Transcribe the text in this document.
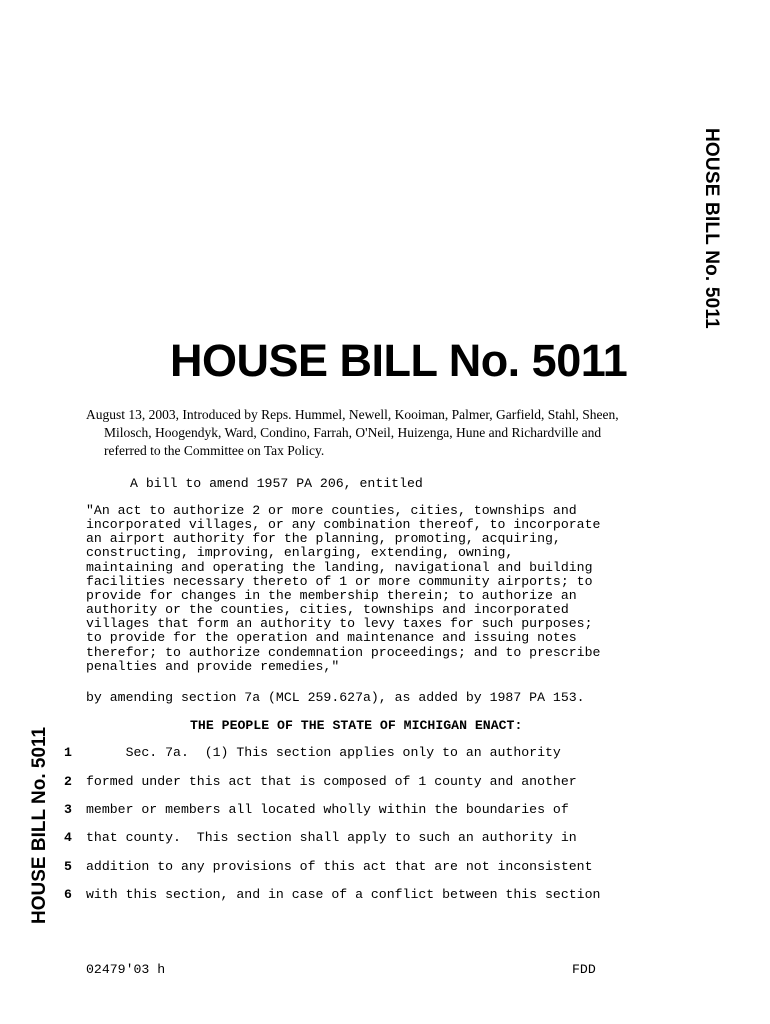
HOUSE BILL No. 5011
HOUSE BILL No. 5011
HOUSE BILL No. 5011
August 13, 2003, Introduced by Reps. Hummel, Newell, Kooiman, Palmer, Garfield, Stahl, Sheen, Milosch, Hoogendyk, Ward, Condino, Farrah, O'Neil, Huizenga, Hune and Richardville and referred to the Committee on Tax Policy.
A bill to amend 1957 PA 206, entitled
"An act to authorize 2 or more counties, cities, townships and
incorporated villages, or any combination thereof, to incorporate
an airport authority for the planning, promoting, acquiring,
constructing, improving, enlarging, extending, owning,
maintaining and operating the landing, navigational and building
facilities necessary thereto of 1 or more community airports; to
provide for changes in the membership therein; to authorize an
authority or the counties, cities, townships and incorporated
villages that form an authority to levy taxes for such purposes;
to provide for the operation and maintenance and issuing notes
therefor; to authorize condemnation proceedings; and to prescribe
penalties and provide remedies,"
by amending section 7a (MCL 259.627a), as added by 1987 PA 153.
THE PEOPLE OF THE STATE OF MICHIGAN ENACT:
1 Sec. 7a.  (1) This section applies only to an authority
2 formed under this act that is composed of 1 county and another
3 member or members all located wholly within the boundaries of
4 that county.  This section shall apply to such an authority in
5 addition to any provisions of this act that are not inconsistent
6 with this section, and in case of a conflict between this section
02479'03 h	FDD
